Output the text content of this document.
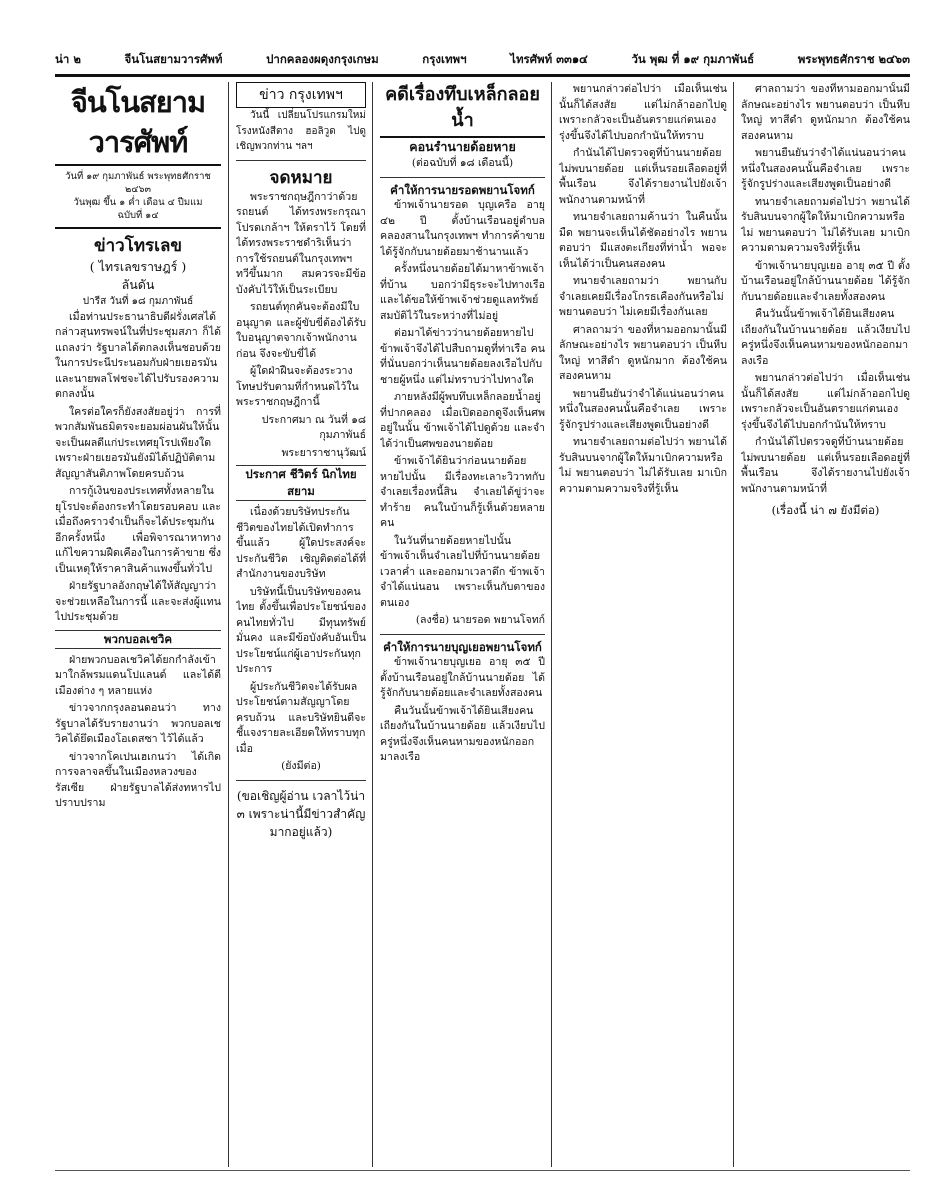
น่า ๒	จีนโนสยามวารศัพท์	ปากคลองผดุงกรุงเกษม	กรุงเทพฯ	ไทรศัพท์ ๓๓๑๔	วัน พุฒ ที่ ๑๙ กุมภาพันธ์	พระพุทธศักราช ๒๔๖๓
จีนโนสยามวารศัพท์
วันที่ ๑๙ กุมภาพันธ์ พระพุทธศักราช ๒๔๖๓
วันพุฒ ขึ้น ๑ ค่ำ เดือน ๔ ปีมแม
ฉบับที่ ๑๔
ข่าวโทรเลข
( ไทรเลขราษฎร์ )
ลันดัน
ปารีส วันที่ ๑๘ กุมภาพันธ์

เมื่อท่านประธานาธิบดีฝรั่งเศสได้กล่าวสุนทรพจน์ในที่ประชุมสภา ก็ได้แถลงว่า รัฐบาลได้ตกลงเห็นชอบด้วยในการประนีประนอมกับฝ่ายเยอรมัน และนายพลโฟชจะได้ไปรับรองความตกลงนั้น

ใครต่อใครก็ยังสงสัยอยู่ว่า การที่พวกสัมพันธมิตรจะยอมผ่อนผันให้นั้นจะเป็นผลดีแก่ประเทศยุโรปเพียงใด เพราะฝ่ายเยอรมันยังมิได้ปฏิบัติตามสัญญาสันติภาพโดยครบถ้วน

การกู้เงินของประเทศทั้งหลายในยุโรปจะต้องกระทำโดยรอบคอบ และเมื่อถึงคราวจำเป็นก็จะได้ประชุมกันอีกครั้งหนึ่ง เพื่อพิจารณาหาทางแก้ไขความฝืดเคืองในการค้าขาย ซึ่งเป็นเหตุให้ราคาสินค้าแพงขึ้นทั่วไป

ฝ่ายรัฐบาลอังกฤษได้ให้สัญญาว่าจะช่วยเหลือในการนี้ และจะส่งผู้แทนไปประชุมด้วย

พวกบอลเชวิค

ฝ่ายพวกบอลเชวิคได้ยกกำลังเข้ามาใกล้พรมแดนโปแลนด์ และได้ตีเมืองต่าง ๆ หลายแห่ง

ข่าวจากกรุงลอนดอนว่า ทางรัฐบาลได้รับรายงานว่า พวกบอลเชวิคได้ยึดเมืองโอเดสซา ไว้ได้แล้ว

ข่าวจากโคเปนเฮเกนว่า ได้เกิดการจลาจลขึ้นในเมืองหลวงของรัสเซีย ฝ่ายรัฐบาลได้ส่งทหารไปปราบปราม

ข่าว กรุงเทพฯ

วันนี้ เปลี่ยนโปรแกรมใหม่ โรงหนังสีตาง ฮอลิวูด ไปดู เชิญพวกท่าน ฯลฯ

จดหมาย

พระราชกฤษฎีกาว่าด้วยรถยนต์ ได้ทรงพระกรุณาโปรดเกล้าฯ ให้ตราไว้ โดยที่ได้ทรงพระราชดำริเห็นว่า การใช้รถยนต์ในกรุงเทพฯ ทวีขึ้นมาก สมควรจะมีข้อบังคับไว้ให้เป็นระเบียบ

รถยนต์ทุกคันจะต้องมีใบอนุญาต และผู้ขับขี่ต้องได้รับใบอนุญาตจากเจ้าพนักงานก่อน จึงจะขับขี่ได้

ผู้ใดฝ่าฝืนจะต้องระวางโทษปรับตามที่กำหนดไว้ในพระราชกฤษฎีกานี้

ประกาศมา ณ วันที่ ๑๘ กุมภาพันธ์
พระยาราชานุวัฒน์
ประกาศ ชีวิตร์ นิกไทย สยาม

เนื่องด้วยบริษัทประกันชีวิตของไทยได้เปิดทำการขึ้นแล้ว ผู้ใดประสงค์จะประกันชีวิต เชิญติดต่อได้ที่สำนักงานของบริษัท

บริษัทนี้เป็นบริษัทของคนไทย ตั้งขึ้นเพื่อประโยชน์ของคนไทยทั่วไป มีทุนทรัพย์มั่นคง และมีข้อบังคับอันเป็นประโยชน์แก่ผู้เอาประกันทุกประการ

ผู้ประกันชีวิตจะได้รับผลประโยชน์ตามสัญญาโดยครบถ้วน และบริษัทยินดีจะชี้แจงรายละเอียดให้ทราบทุกเมื่อ

(ยังมีต่อ)
(ขอเชิญผู้อ่าน เวลาไว้น่า ๓ เพราะน่านี้มีข่าวสำคัญ มากอยู่แล้ว)
คดีเรื่องทึบเหล็กลอยน้ำ
คอนรำนายด้อยหาย
(ต่อฉบับที่ ๑๘ เดือนนี้)
คำให้การนายรอดพยานโจทก์

ข้าพเจ้านายรอด บุญเครือ อายุ ๔๒ ปี ตั้งบ้านเรือนอยู่ตำบลคลองสานในกรุงเทพฯ ทำการค้าขาย ได้รู้จักกับนายด้อยมาช้านานแล้ว

ครั้งหนึ่งนายด้อยได้มาหาข้าพเจ้าที่บ้าน บอกว่ามีธุระจะไปทางเรือ และได้ขอให้ข้าพเจ้าช่วยดูแลทรัพย์สมบัติไว้ในระหว่างที่ไม่อยู่

ต่อมาได้ข่าวว่านายด้อยหายไป ข้าพเจ้าจึงได้ไปสืบถามดูที่ท่าเรือ คนที่นั่นบอกว่าเห็นนายด้อยลงเรือไปกับชายผู้หนึ่ง แต่ไม่ทราบว่าไปทางใด

ภายหลังมีผู้พบทึบเหล็กลอยน้ำอยู่ที่ปากคลอง เมื่อเปิดออกดูจึงเห็นศพอยู่ในนั้น ข้าพเจ้าได้ไปดูด้วย และจำได้ว่าเป็นศพของนายด้อย

ข้าพเจ้าได้ยินว่าก่อนนายด้อยหายไปนั้น มีเรื่องทะเลาะวิวาทกับจำเลยเรื่องหนี้สิน จำเลยได้ขู่ว่าจะทำร้าย คนในบ้านก็รู้เห็นด้วยหลายคน

ในวันที่นายด้อยหายไปนั้น ข้าพเจ้าเห็นจำเลยไปที่บ้านนายด้อยเวลาค่ำ และออกมาเวลาดึก ข้าพเจ้าจำได้แน่นอน เพราะเห็นกับตาของตนเอง

(ลงชื่อ) นายรอด พยานโจทก์
คำให้การนายบุญเยอพยานโจทก์

ข้าพเจ้านายบุญเยอ อายุ ๓๕ ปี ตั้งบ้านเรือนอยู่ใกล้บ้านนายด้อย ได้รู้จักกับนายด้อยและจำเลยทั้งสองคน

คืนวันนั้นข้าพเจ้าได้ยินเสียงคนเถียงกันในบ้านนายด้อย แล้วเงียบไป ครู่หนึ่งจึงเห็นคนหามของหนักออกมาลงเรือ

พยานกล่าวต่อไปว่า เมื่อเห็นเช่นนั้นก็ได้สงสัย แต่ไม่กล้าออกไปดู เพราะกลัวจะเป็นอันตรายแก่ตนเอง รุ่งขึ้นจึงได้ไปบอกกำนันให้ทราบ

กำนันได้ไปตรวจดูที่บ้านนายด้อย ไม่พบนายด้อย แต่เห็นรอยเลือดอยู่ที่พื้นเรือน จึงได้รายงานไปยังเจ้าพนักงานตามหน้าที่

ทนายจำเลยถามค้านว่า ในคืนนั้นมืด พยานจะเห็นได้ชัดอย่างไร พยานตอบว่า มีแสงตะเกียงที่ท่าน้ำ พอจะเห็นได้ว่าเป็นคนสองคน

ทนายจำเลยถามว่า พยานกับจำเลยเคยมีเรื่องโกรธเคืองกันหรือไม่ พยานตอบว่า ไม่เคยมีเรื่องกันเลย

ศาลถามว่า ของที่หามออกมานั้นมีลักษณะอย่างไร พยานตอบว่า เป็นหีบใหญ่ ทาสีดำ ดูหนักมาก ต้องใช้คนสองคนหาม

พยานยืนยันว่าจำได้แน่นอนว่าคนหนึ่งในสองคนนั้นคือจำเลย เพราะรู้จักรูปร่างและเสียงพูดเป็นอย่างดี

ทนายจำเลยถามต่อไปว่า พยานได้รับสินบนจากผู้ใดให้มาเบิกความหรือไม่ พยานตอบว่า ไม่ได้รับเลย มาเบิกความตามความจริงที่รู้เห็น

ศาลถามว่า ของที่หามออกมานั้นมีลักษณะอย่างไร พยานตอบว่า เป็นหีบใหญ่ ทาสีดำ ดูหนักมาก ต้องใช้คนสองคนหาม

พยานยืนยันว่าจำได้แน่นอนว่าคนหนึ่งในสองคนนั้นคือจำเลย เพราะรู้จักรูปร่างและเสียงพูดเป็นอย่างดี

ทนายจำเลยถามต่อไปว่า พยานได้รับสินบนจากผู้ใดให้มาเบิกความหรือไม่ พยานตอบว่า ไม่ได้รับเลย มาเบิกความตามความจริงที่รู้เห็น

ข้าพเจ้านายบุญเยอ อายุ ๓๕ ปี ตั้งบ้านเรือนอยู่ใกล้บ้านนายด้อย ได้รู้จักกับนายด้อยและจำเลยทั้งสองคน

คืนวันนั้นข้าพเจ้าได้ยินเสียงคนเถียงกันในบ้านนายด้อย แล้วเงียบไป ครู่หนึ่งจึงเห็นคนหามของหนักออกมาลงเรือ

พยานกล่าวต่อไปว่า เมื่อเห็นเช่นนั้นก็ได้สงสัย แต่ไม่กล้าออกไปดู เพราะกลัวจะเป็นอันตรายแก่ตนเอง รุ่งขึ้นจึงได้ไปบอกกำนันให้ทราบ

กำนันได้ไปตรวจดูที่บ้านนายด้อย ไม่พบนายด้อย แต่เห็นรอยเลือดอยู่ที่พื้นเรือน จึงได้รายงานไปยังเจ้าพนักงานตามหน้าที่

(เรื่องนี้ น่า ๗ ยังมีต่อ)
